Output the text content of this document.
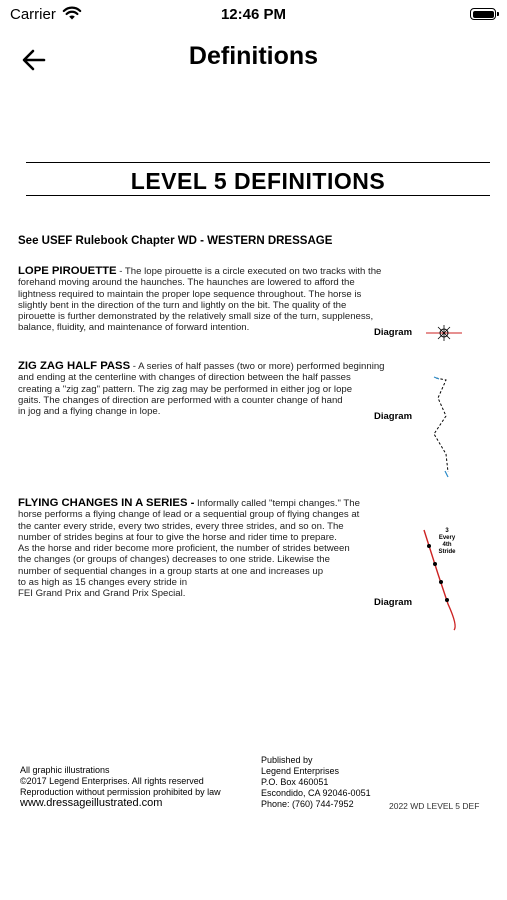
Carrier	12:46 PM
Definitions
LEVEL 5 DEFINITIONS
See USEF Rulebook Chapter WD - WESTERN DRESSAGE

LOPE PIROUETTE - The lope pirouette is a circle executed on two tracks with the

forehand moving around the haunches. The haunches are lowered to afford the

lightness required to maintain the proper lope sequence throughout. The horse is

slightly bent in the direction of the turn and lightly on the bit. The quality of the

pirouette is further demonstrated by the relatively small size of the turn, suppleness,

balance, fluidity, and maintenance of forward intention.	Diagram

ZIG ZAG HALF PASS - A series of half passes (two or more) performed beginning

and ending at the centerline with changes of direction between the half passes

creating a "zig zag" pattern. The zig zag may be performed in either jog or lope

gaits. The changes of direction are performed with a counter change of hand

in jog and a flying change in lope.	Diagram

FLYING CHANGES IN A SERIES - Informally called "tempi changes." The

horse performs a flying change of lead or a sequential group of flying changes at

the canter every stride, every two strides, every three strides, and so on. The

number of strides begins at four to give the horse and rider time to prepare.

As the horse and rider become more proficient, the number of strides between

the changes (or groups of changes) decreases to one stride. Likewise the

number of sequential changes in a group starts at one and increases up

to as high as 15 changes every stride in

FEI Grand Prix and Grand Prix Special.

Diagram
3
Every
4th
Stride
All graphic illustrations
©2017 Legend Enterprises. All rights reserved
Reproduction without permission prohibited by law
www.dressageillustrated.com
Published by
Legend Enterprises
P.O. Box 460051
Escondido, CA 92046-0051
Phone: (760) 744-7952	2022 WD LEVEL 5 DEF
